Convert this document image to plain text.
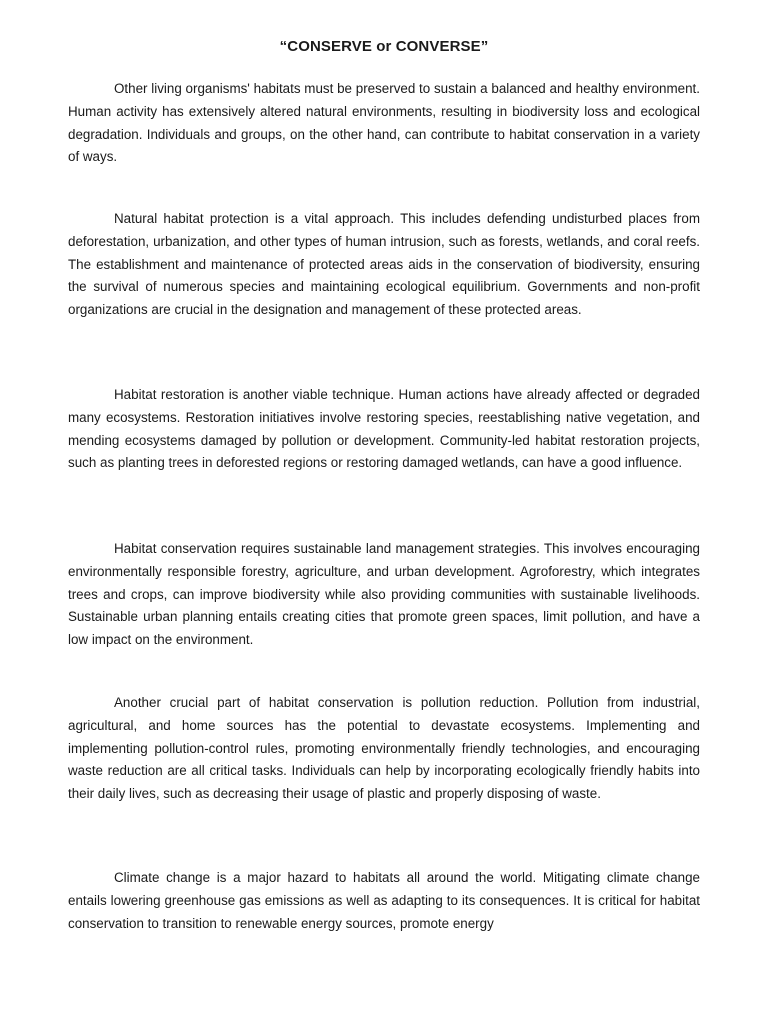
“CONSERVE or CONVERSE”

Other living organisms' habitats must be preserved to sustain a balanced and healthy environment. Human activity has extensively altered natural environments, resulting in biodiversity loss and ecological degradation. Individuals and groups, on the other hand, can contribute to habitat conservation in a variety of ways.

Natural habitat protection is a vital approach. This includes defending undisturbed places from deforestation, urbanization, and other types of human intrusion, such as forests, wetlands, and coral reefs. The establishment and maintenance of protected areas aids in the conservation of biodiversity, ensuring the survival of numerous species and maintaining ecological equilibrium. Governments and non-profit organizations are crucial in the designation and management of these protected areas.

Habitat restoration is another viable technique. Human actions have already affected or degraded many ecosystems. Restoration initiatives involve restoring species, reestablishing native vegetation, and mending ecosystems damaged by pollution or development. Community-led habitat restoration projects, such as planting trees in deforested regions or restoring damaged wetlands, can have a good influence.

Habitat conservation requires sustainable land management strategies. This involves encouraging environmentally responsible forestry, agriculture, and urban development. Agroforestry, which integrates trees and crops, can improve biodiversity while also providing communities with sustainable livelihoods. Sustainable urban planning entails creating cities that promote green spaces, limit pollution, and have a low impact on the environment.

Another crucial part of habitat conservation is pollution reduction. Pollution from industrial, agricultural, and home sources has the potential to devastate ecosystems. Implementing and implementing pollution-control rules, promoting environmentally friendly technologies, and encouraging waste reduction are all critical tasks. Individuals can help by incorporating ecologically friendly habits into their daily lives, such as decreasing their usage of plastic and properly disposing of waste.

Climate change is a major hazard to habitats all around the world. Mitigating climate change entails lowering greenhouse gas emissions as well as adapting to its consequences. It is critical for habitat conservation to transition to renewable energy sources, promote energy
